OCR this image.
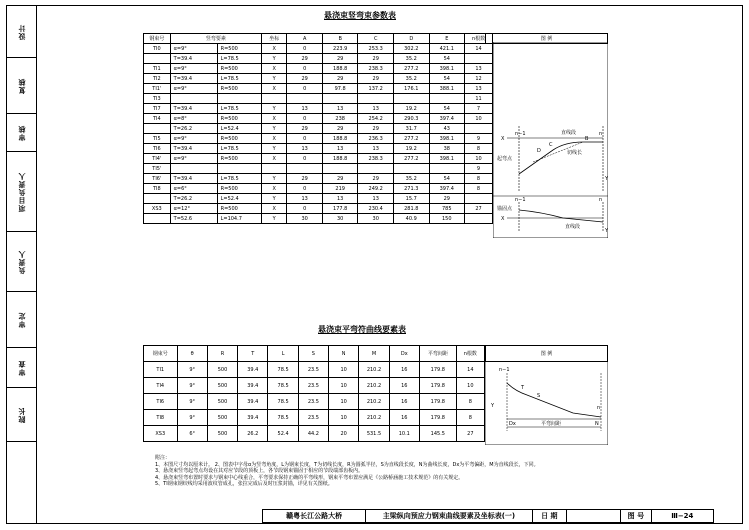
设计
复核
审核
项目负责人
负责人
审定
审查
院长
悬浇束竖弯束参数表
钢束号	竖弯要素		坐标	A	B	C	D	E	n根数
TI0	α=9°	R=500	X	0	223.9	253.3	302.2	421.1	14
	T=39.4	L=78.5	Y	29	29	29	35.2	54	
TI1	α=9°	R=500	X	0	188.8	238.3	277.2	398.1	13
TI2	T=39.4	L=78.5	Y	29	29	29	35.2	54	12
TI1'	α=9°	R=500	X	0	97.8	137.2	176.1	388.1	13
TI3									11
TI7	T=39.4	L=78.5	Y	13	13	13	19.2	54	7
TI4	α=8°	R=500	X	0	238	254.2	290.3	397.4	10
	T=26.2	L=52.4	Y	29	29	29	31.7	43	
TI5	α=9°	R=500	X	0	188.8	236.3	277.2	398.1	9
TI6	T=39.4	L=78.5	Y	13	13	13	19.2	38	8
TI4'	α=9°	R=500	X	0	188.8	238.3	277.2	398.1	10
TI5'									9
TI6'	T=39.4	L=78.5	Y	29	29	29	35.2	54	8
TI8	α=6°	R=500	X	0	219	249.2	271.3	397.4	8
	T=26.2	L=52.4	Y	13	13	13	15.7	29	
XS3	α=12°	R=500	X	0	177.8	230.4	281.8	785	27
	T=52.6	L=104.7	Y	30	30	30	40.9	150	
图 例
n−1	n
X
Y
直线段
起弯点
切线长
D
C
B
n−1	n
锚固点
直线段
X
Y
悬浇束平弯符曲线要素表
钢束号	θ	R	T	L	S	N	M	Dx	平弯间距	n根数
TI1	9°	500	39.4	78.5	23.5	10	210.2	16	179.8	14
TI4	9°	500	39.4	78.5	23.5	10	210.2	16	179.8	10
TI6	9°	500	39.4	78.5	23.5	10	210.2	16	179.8	8
TI8	9°	500	39.4	78.5	23.5	10	210.2	16	179.8	8
XS3	6°	500	26.2	52.4	44.2	20	531.5	10.1	145.5	27
图 例
n−1
n
Y
S
T
平弯间距	N
Dx
附注：
1、本图尺寸均以厘米计。 2、图表中字母α为竖弯角度，L为钢束长度，T为切线长度，R为圆弧半径，S为直线段长度，N为曲线长度，Dx为平弯偏距，M为直线段长，下同。
3、悬浇束竖弯起弯点均设在其对应节段的顶板上，各节段钢束锚固于相应的节段端部齿板内。
4、悬浇束竖弯布置时要求与钢束中心线重合，平弯要求保持正确的平弯线形，钢束平弯布置应满足《公路桥涵施工技术规范》的有关规定。
5、TI钢束钢绞线均采用波纹管成孔，张拉完成后及时压浆封锚，详见有关图纸。
赣粤长江公路大桥	主梁纵向预应力钢束曲线要素及坐标表(一)	日 期		图 号	Ⅲ−24
